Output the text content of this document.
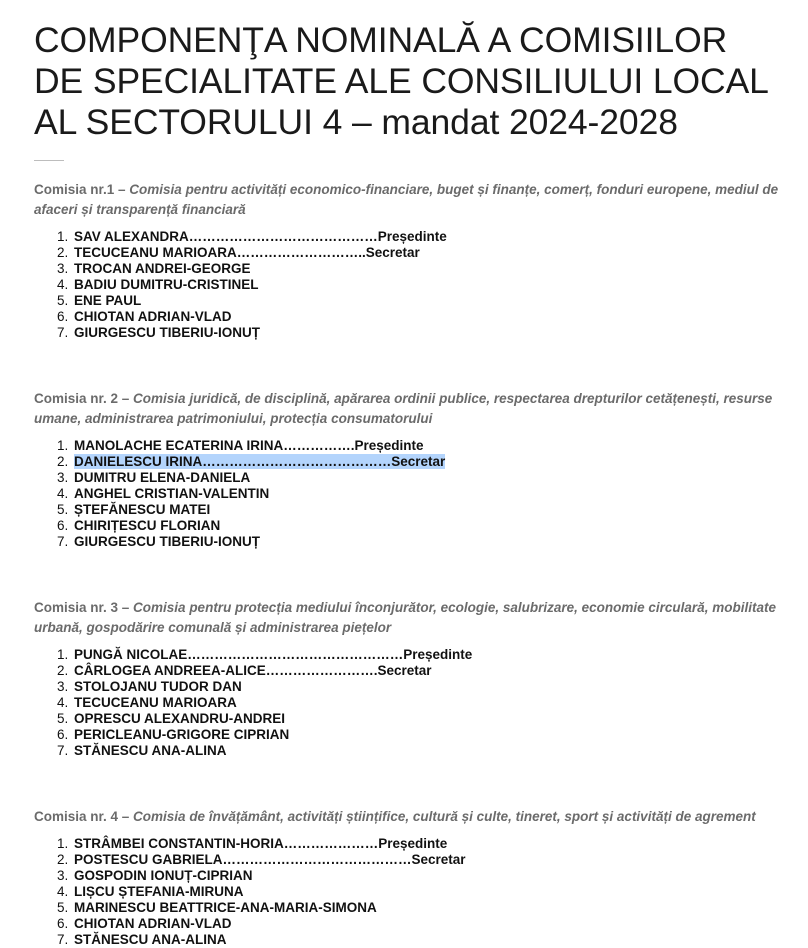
COMPONENŢA NOMINALĂ A COMISIILOR
DE SPECIALITATE ALE CONSILIULUI LOCAL
AL SECTORULUI 4 – mandat 2024-2028

Comisia nr.1 – Comisia pentru activități economico-financiare, buget și finanțe, comerț, fonduri europene, mediul de afaceri și transparență financiară

1. SAV ALEXANDRA……………………………………Președinte
2. TECUCEANU MARIOARA………………………..Secretar
3. TROCAN ANDREI-GEORGE
4. BADIU DUMITRU-CRISTINEL
5. ENE PAUL
6. CHIOTAN ADRIAN-VLAD
7. GIURGESCU TIBERIU-IONUȚ

Comisia nr. 2 – Comisia juridică, de disciplină, apărarea ordinii publice, respectarea drepturilor cetățenești, resurse umane, administrarea patrimoniului, protecția consumatorului

1. MANOLACHE ECATERINA IRINA…………….Președinte
2. DANIELESCU IRINA……………………………………Secretar
3. DUMITRU ELENA-DANIELA
4. ANGHEL CRISTIAN-VALENTIN
5. ȘTEFĂNESCU MATEI
6. CHIRIȚESCU FLORIAN
7. GIURGESCU TIBERIU-IONUȚ

Comisia nr. 3 – Comisia pentru protecția mediului înconjurător, ecologie, salubrizare, economie circulară, mobilitate urbană, gospodărire comunală și administrarea piețelor

1. PUNGĂ NICOLAE…………………………………………Președinte
2. CÂRLOGEA ANDREEA-ALICE…………………….Secretar
3. STOLOJANU TUDOR DAN
4. TECUCEANU MARIOARA
5. OPRESCU ALEXANDRU-ANDREI
6. PERICLEANU-GRIGORE CIPRIAN
7. STĂNESCU ANA-ALINA

Comisia nr. 4 – Comisia de învățământ, activități științifice, cultură și culte, tineret, sport și activități de agrement

1. STRÂMBEI CONSTANTIN-HORIA…………………Președinte
2. POSTESCU GABRIELA……………………………………Secretar
3. GOSPODIN IONUȚ-CIPRIAN
4. LIȘCU ȘTEFANIA-MIRUNA
5. MARINESCU BEATTRICE-ANA-MARIA-SIMONA
6. CHIOTAN ADRIAN-VLAD
7. STĂNESCU ANA-ALINA
